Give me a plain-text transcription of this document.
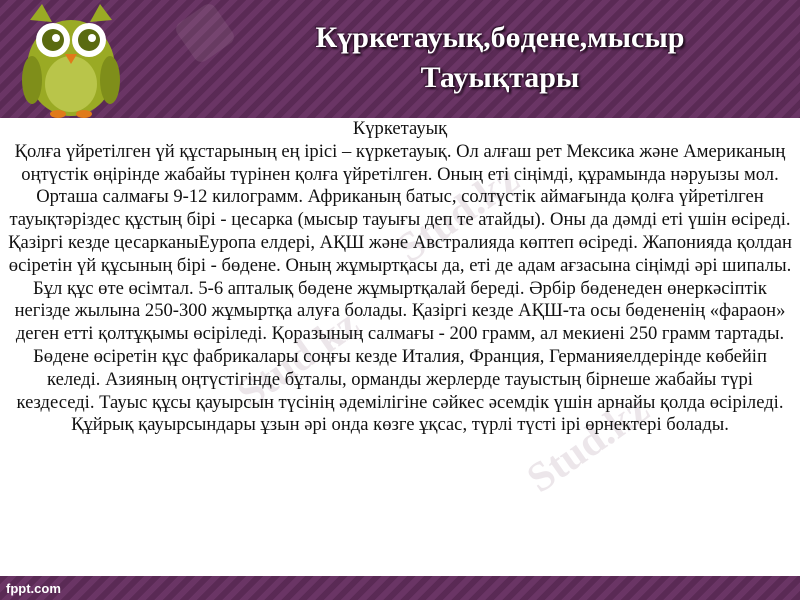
Күркетауық,бөдене,мысыр
Тауықтары
Stud.kz
Stud.kz
Stud.kz
Күркетауық
Қолға үйретілген үй құстарының ең ірісі – күркетауық. Ол алғаш рет Мексика және Американың оңтүстік өңірінде жабайы түрінен қолға үйретілген. Оның еті сіңімді, құрамында нәруызы мол. Орташа салмағы 9-12 килограмм. Африканың батыс, солтүстік аймағында қолға үйретілген тауықтәріздес құстың бірі - цесарка (мысыр тауығы деп те атайды). Оны да дәмді еті үшін өсіреді. Қазіргі кезде цесарканыЕуропа елдері, АҚШ және Австралияда көптеп өсіреді. Жапонияда қолдан өсіретін үй құсының бірі - бөдене. Оның жұмыртқасы да, еті де адам ағзасына сіңімді әрі шипалы. Бұл құс өте өсімтал. 5-6 апталық бөдене жұмыртқалай береді. Әрбір бөденеден өнеркәсіптік негізде жылына 250-300 жұмыртқа алуға болады. Қазіргі кезде АҚШ-та осы бөдененің «фараон» деген етті қолтұқымы өсіріледі. Қоразының салмағы - 200 грамм, ал мекиені 250 грамм тартады. Бөдене өсіретін құс фабрикалары соңғы кезде Италия, Франция, Германияелдерінде көбейіп келеді. Азияның оңтүстігінде бұталы, орманды жерлерде тауыстың бірнеше жабайы түрі кездеседі. Тауыс құсы қауырсын түсінің әдемілігіне сәйкес әсемдік үшін арнайы қолда өсіріледі. Құйрық қауырсындары ұзын әрі онда көзге ұқсас, түрлі түсті ірі өрнектері болады.
fppt.com
